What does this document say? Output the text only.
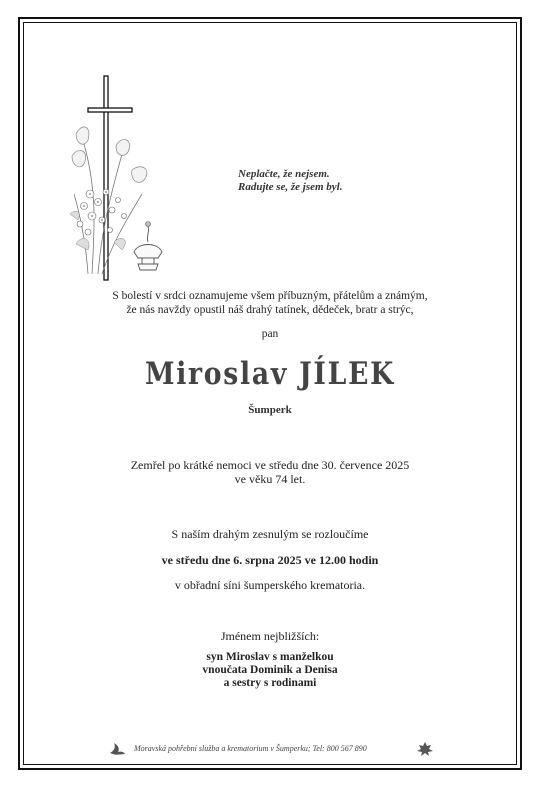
Neplačte, že nejsem.
Radujte se, že jsem byl.
S bolestí v srdci oznamujeme všem příbuzným, přátelům a známým,
že nás navždy opustil náš drahý tatínek, dědeček, bratr a strýc,
pan
Miroslav JÍLEK
Šumperk
Zemřel po krátké nemoci ve středu dne 30. července 2025
ve věku 74 let.
S naším drahým zesnulým se rozloučíme
ve středu dne 6. srpna 2025 ve 12.00 hodin
v obřadní síni šumperského krematoria.
Jménem nejbližších:
syn Miroslav s manželkou
vnoučata Dominik a Denisa
a sestry s rodinami
Moravská pohřební služba a krematorium v Šumperku; Tel: 800 567 890
